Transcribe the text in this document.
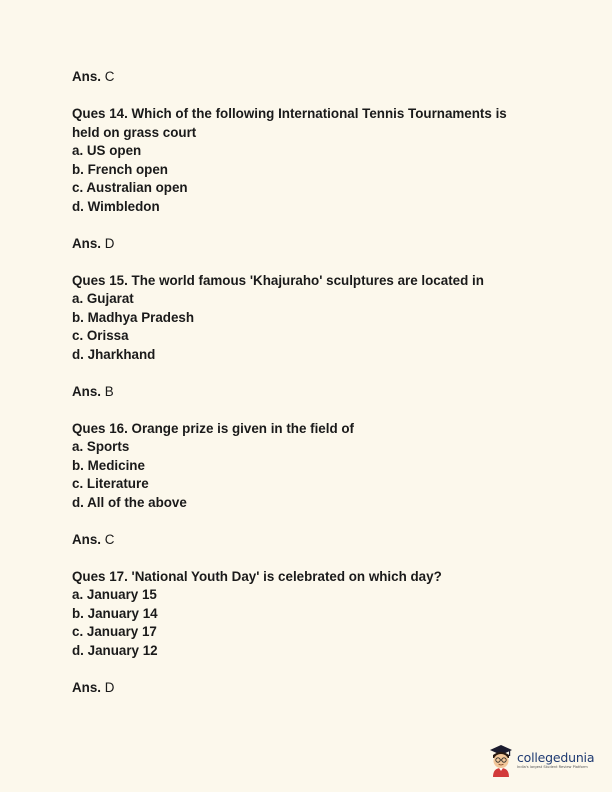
Ans. C

Ques 14. Which of the following International Tennis Tournaments is held on grass court
a. US open
b. French open
c. Australian open
d. Wimbledon

Ans. D

Ques 15. The world famous 'Khajuraho' sculptures are located in
a. Gujarat
b. Madhya Pradesh
c. Orissa
d. Jharkhand

Ans. B

Ques 16. Orange prize is given in the field of
a. Sports
b. Medicine
c. Literature
d. All of the above

Ans. C

Ques 17. 'National Youth Day' is celebrated on which day?
a. January 15
b. January 14
c. January 17
d. January 12

Ans. D

collegedunia
India's largest Student Review Platform
